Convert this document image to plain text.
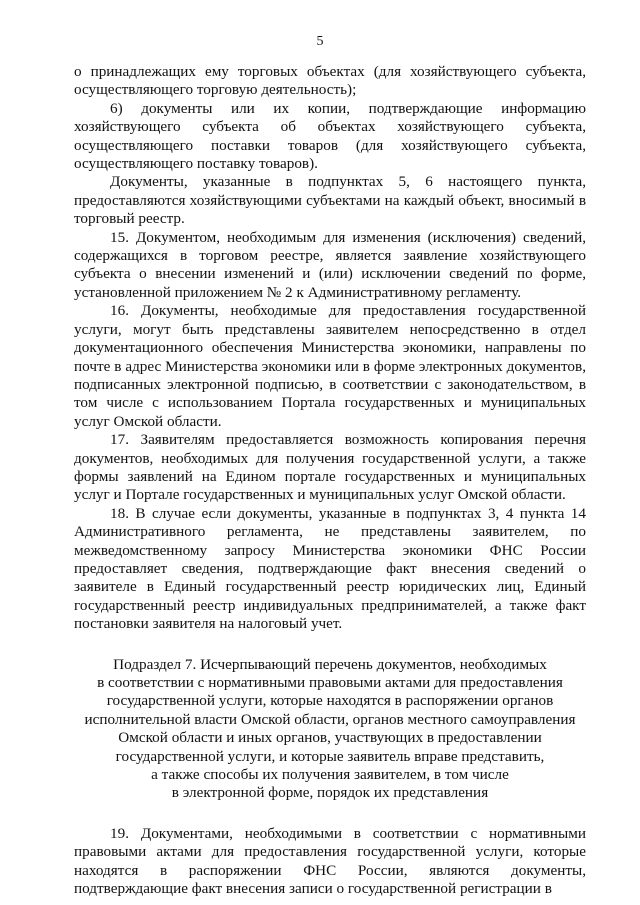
5

о принадлежащих ему торговых объектах (для хозяйствующего субъекта, осуществляющего торговую деятельность);

6) документы или их копии, подтверждающие информацию хозяйствующего субъекта об объектах хозяйствующего субъекта, осуществляющего поставки товаров (для хозяйствующего субъекта, осуществляющего поставку товаров).

Документы, указанные в подпунктах 5, 6 настоящего пункта, предоставляются хозяйствующими субъектами на каждый объект, вносимый в торговый реестр.

15. Документом, необходимым для изменения (исключения) сведений, содержащихся в торговом реестре, является заявление хозяйствующего субъекта о внесении изменений и (или) исключении сведений по форме, установленной приложением № 2 к Административному регламенту.

16. Документы, необходимые для предоставления государственной услуги, могут быть представлены заявителем непосредственно в отдел документационного обеспечения Министерства экономики, направлены по почте в адрес Министерства экономики или в форме электронных документов, подписанных электронной подписью, в соответствии с законодательством, в том числе с использованием Портала государственных и муниципальных услуг Омской области.

17. Заявителям предоставляется возможность копирования перечня документов, необходимых для получения государственной услуги, а также формы заявлений на Едином портале государственных и муниципальных услуг и Портале государственных и муниципальных услуг Омской области.

18. В случае если документы, указанные в подпунктах 3, 4 пункта 14 Административного регламента, не представлены заявителем, по межведомственному запросу Министерства экономики ФНС России предоставляет сведения, подтверждающие факт внесения сведений о заявителе в Единый государственный реестр юридических лиц, Единый государственный реестр индивидуальных предпринимателей, а также факт постановки заявителя на налоговый учет.

Подраздел 7. Исчерпывающий перечень документов, необходимых
в соответствии с нормативными правовыми актами для предоставления
государственной услуги, которые находятся в распоряжении органов
исполнительной власти Омской области, органов местного самоуправления
Омской области и иных органов, участвующих в предоставлении
государственной услуги, и которые заявитель вправе представить,
а также способы их получения заявителем, в том числе
в электронной форме, порядок их представления

19. Документами, необходимыми в соответствии с нормативными правовыми актами для предоставления государственной услуги, которые находятся в распоряжении ФНС России, являются документы, подтверждающие факт внесения записи о государственной регистрации в
